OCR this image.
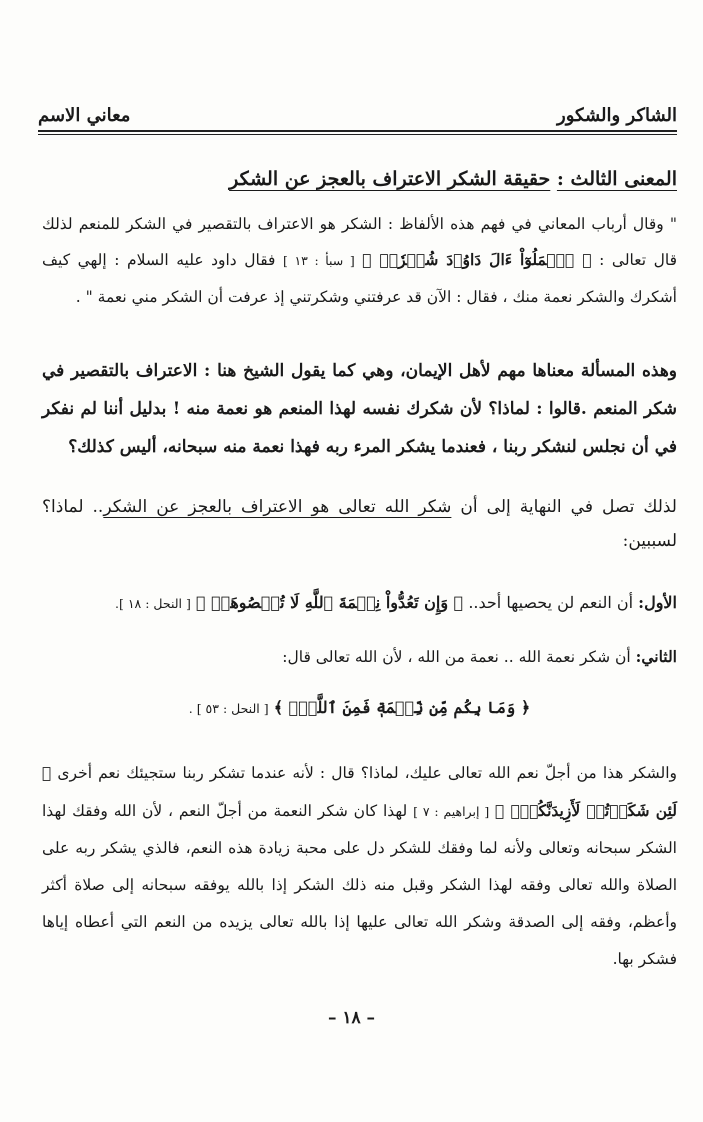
الشاكر والشكور
معاني الاسم
المعنى الثالث : حقيقة الشكر الاعتراف بالعجز عن الشكر
" وقال أرباب المعاني في فهم هذه الألفاظ : الشكر هو الاعتراف بالتقصير في الشكر للمنعم لذلك قال تعالى : ﴿ ٱعۡمَلُوٓاْ ءَالَ دَاوُۥدَ شُكۡرٗاۚ ﴾ [ سبأ : ١٣ ] فقال داود عليه السلام : إلهي كيف أشكرك والشكر نعمة منك ، فقال : الآن قد عرفتني وشكرتني إذ عرفت أن الشكر مني نعمة " .
وهذه المسألة معناها مهم لأهل الإيمان، وهي كما يقول الشيخ هنا : الاعتراف بالتقصير في شكر المنعم .قالوا : لماذا؟ لأن شكرك نفسه لهذا المنعم هو نعمة منه ! بدليل أننا لم نفكر في أن نجلس لنشكر ربنا ، فعندما يشكر المرء ربه فهذا نعمة منه سبحانه، أليس كذلك؟
لذلك تصل في النهاية إلى أن شكر الله تعالى هو الاعتراف بالعجز عن الشكر.. لماذا؟ لسببين:
الأول: أن النعم لن يحصيها أحد.. ﴿ وَإِن تَعُدُّواْ نِعۡمَةَ ٱللَّهِ لَا تُحۡصُوهَآۗ ﴾ [ النحل : ١٨ ].
الثاني: أن شكر نعمة الله .. نعمة من الله ، لأن الله تعالى قال:
﴿ وَمَا بِكُم مِّن نِّعۡمَةٖ فَمِنَ ٱللَّهِۖ ﴾ [ النحل : ٥٣ ] .
والشكر هذا من أجلّ نعم الله تعالى عليك، لماذا؟ قال : لأنه عندما تشكر ربنا ستجيئك نعم أخرى ﴿ لَئِن شَكَرۡتُمۡ لَأَزِيدَنَّكُمۡۖ ﴾ [ إبراهيم : ٧ ] لهذا كان شكر النعمة من أجلّ النعم ، لأن الله وفقك لهذا الشكر سبحانه وتعالى ولأنه لما وفقك للشكر دل على محبة زيادة هذه النعم، فالذي يشكر ربه على الصلاة والله تعالى وفقه لهذا الشكر وقبل منه ذلك الشكر إذا بالله يوفقه سبحانه إلى صلاة أكثر وأعظم، وفقه إلى الصدقة وشكر الله تعالى عليها إذا بالله تعالى يزيده من النعم التي أعطاه إياها فشكر بها.
– ١٨ –
